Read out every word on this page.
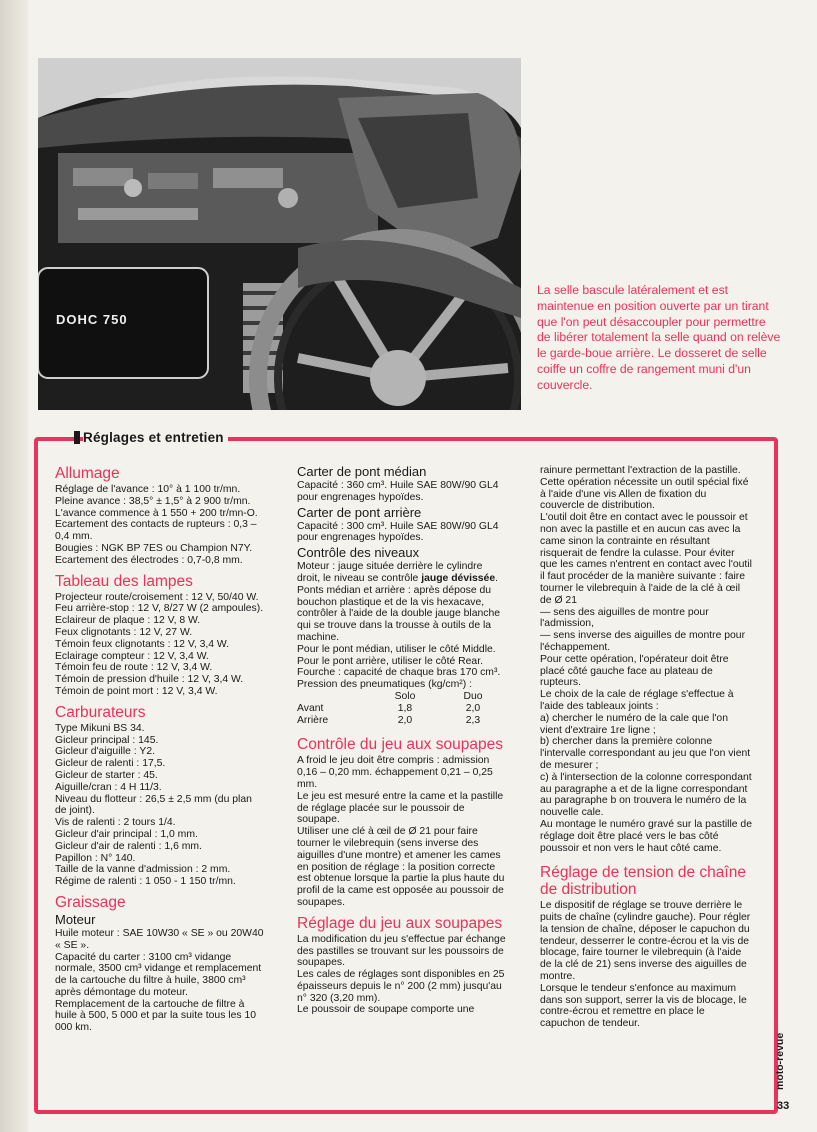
DOHC 750

La selle bascule latéralement et est maintenue en position ouverte par un tirant que l'on peut désaccoupler pour permettre de libérer totalement la selle quand on relève le garde-boue arrière. Le dosseret de selle coiffe un coffre de rangement muni d'un couvercle.

Réglages et entretien
Allumage

Réglage de l'avance : 10° à 1 100 tr/mn.

Pleine avance : 38,5° ± 1,5° à 2 900 tr/mn.

L'avance commence à 1 550 + 200 tr/mn-O.

Ecartement des contacts de rupteurs : 0,3 – 0,4 mm.

Bougies : NGK BP 7ES ou Champion N7Y.

Ecartement des électrodes : 0,7-0,8 mm.

Tableau des lampes

Projecteur route/croisement : 12 V, 50/40 W.

Feu arrière-stop : 12 V, 8/27 W (2 ampoules).

Eclaireur de plaque : 12 V, 8 W.

Feux clignotants : 12 V, 27 W.

Témoin feux clignotants : 12 V, 3,4 W.

Eclairage compteur : 12 V, 3,4 W.

Témoin feu de route : 12 V, 3,4 W.

Témoin de pression d'huile : 12 V, 3,4 W.

Témoin de point mort : 12 V, 3,4 W.

Carburateurs

Type Mikuni BS 34.

Gicleur principal : 145.

Gicleur d'aiguille : Y2.

Gicleur de ralenti : 17,5.

Gicleur de starter : 45.

Aiguille/cran : 4 H 11/3.

Niveau du flotteur : 26,5 ± 2,5 mm (du plan de joint).

Vis de ralenti : 2 tours 1/4.

Gicleur d'air principal : 1,0 mm.

Gicleur d'air de ralenti : 1,6 mm.

Papillon : N° 140.

Taille de la vanne d'admission : 2 mm.

Régime de ralenti : 1 050 - 1 150 tr/mn.

Graissage
Moteur

Huile moteur : SAE 10W30 « SE » ou 20W40 « SE ».

Capacité du carter : 3100 cm³ vidange normale, 3500 cm³ vidange et remplacement de la cartouche du filtre à huile, 3800 cm³ après démontage du moteur.

Remplacement de la cartouche de filtre à huile à 500, 5 000 et par la suite tous les 10 000 km.

Carter de pont médian

Capacité : 360 cm³. Huile SAE 80W/90 GL4 pour engrenages hypoïdes.

Carter de pont arrière

Capacité : 300 cm³. Huile SAE 80W/90 GL4 pour engrenages hypoïdes.

Contrôle des niveaux

Moteur : jauge située derrière le cylindre droit, le niveau se contrôle jauge dévissée.

Ponts médian et arrière : après dépose du bouchon plastique et de la vis hexacave, contrôler à l'aide de la double jauge blanche qui se trouve dans la trousse à outils de la machine.

Pour le pont médian, utiliser le côté Middle.

Pour le pont arrière, utiliser le côté Rear.

Fourche : capacité de chaque bras 170 cm³.

Pression des pneumatiques (kg/cm²) :

	Solo	Duo
Avant	1,8	2,0
Arrière	2,0	2,3
Contrôle du jeu aux soupapes

A froid le jeu doit être compris : admission 0,16 – 0,20 mm. échappement 0,21 – 0,25 mm.

Le jeu est mesuré entre la came et la pastille de réglage placée sur le poussoir de soupape.

Utiliser une clé à œil de Ø 21 pour faire tourner le vilebrequin (sens inverse des aiguilles d'une montre) et amener les cames en position de réglage : la position correcte est obtenue lorsque la partie la plus haute du profil de la came est opposée au poussoir de soupapes.

Réglage du jeu aux soupapes

La modification du jeu s'effectue par échange des pastilles se trouvant sur les poussoirs de soupapes.

Les cales de réglages sont disponibles en 25 épaisseurs depuis le n° 200 (2 mm) jusqu'au n° 320 (3,20 mm).

Le poussoir de soupape comporte une

rainure permettant l'extraction de la pastille. Cette opération nécessite un outil spécial fixé à l'aide d'une vis Allen de fixation du couvercle de distribution.

L'outil doit être en contact avec le poussoir et non avec la pastille et en aucun cas avec la came sinon la contrainte en résultant risquerait de fendre la culasse. Pour éviter que les cames n'entrent en contact avec l'outil il faut procéder de la manière suivante : faire tourner le vilebrequin à l'aide de la clé à œil de Ø 21

— sens des aiguilles de montre pour l'admission,

— sens inverse des aiguilles de montre pour l'échappement.

Pour cette opération, l'opérateur doit être placé côté gauche face au plateau de rupteurs.

Le choix de la cale de réglage s'effectue à l'aide des tableaux joints :

a) chercher le numéro de la cale que l'on vient d'extraire 1re ligne ;

b) chercher dans la première colonne l'intervalle correspondant au jeu que l'on vient de mesurer ;

c) à l'intersection de la colonne correspondant au paragraphe a et de la ligne correspondant au paragraphe b on trouvera le numéro de la nouvelle cale.

Au montage le numéro gravé sur la pastille de réglage doit être placé vers le bas côté poussoir et non vers le haut côté came.

Réglage de tension de chaîne de distribution

Le dispositif de réglage se trouve derrière le puits de chaîne (cylindre gauche). Pour régler la tension de chaîne, déposer le capuchon du tendeur, desserrer le contre-écrou et la vis de blocage, faire tourner le vilebrequin (à l'aide de la clé de 21) sens inverse des aiguilles de montre.

Lorsque le tendeur s'enfonce au maximum dans son support, serrer la vis de blocage, le contre-écrou et remettre en place le capuchon de tendeur.

moto-revue
33
